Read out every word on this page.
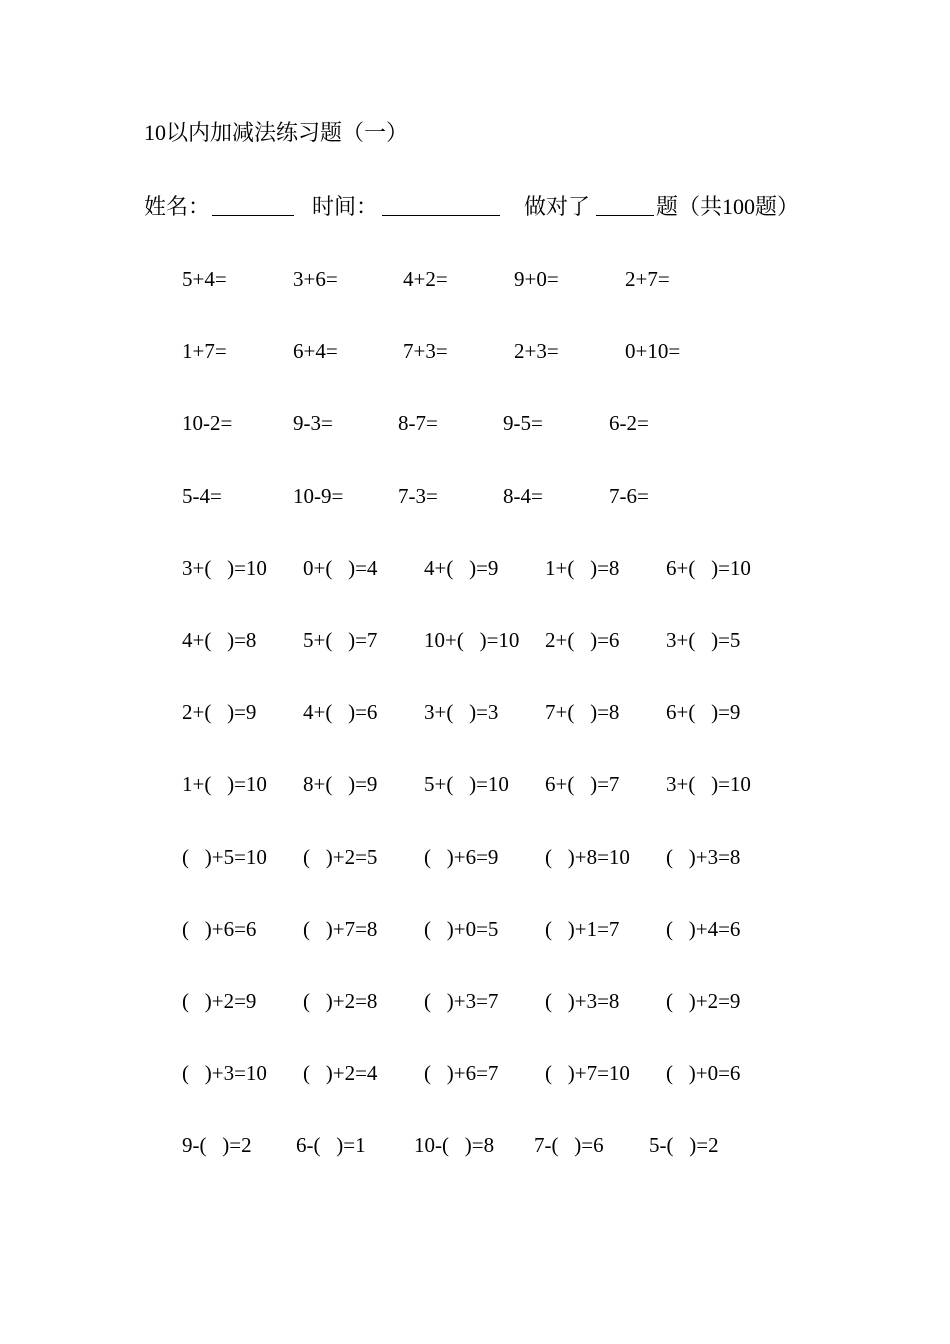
10以内加减法练习题（一）
姓名：	时间：	做对了	题（共100题）
5+4=	3+6=	4+2=	9+0=	2+7=
1+7=	6+4=	7+3=	2+3=	0+10=
10-2=	9-3=	8-7=	9-5=	6-2=
5-4=	10-9=	7-3=	8-4=	7-6=
3+(   )=10 0+(   )=4 4+(   )=9 1+(   )=8 6+(   )=10
4+(   )=8 5+(   )=7 10+(   )=10 2+(   )=6 3+(   )=5
2+(   )=9 4+(   )=6 3+(   )=3 7+(   )=8 6+(   )=9
1+(   )=10 8+(   )=9 5+(   )=10 6+(   )=7 3+(   )=10
(   )+5=10 (   )+2=5 (   )+6=9 (   )+8=10 (   )+3=8
(   )+6=6 (   )+7=8 (   )+0=5 (   )+1=7 (   )+4=6
(   )+2=9 (   )+2=8 (   )+3=7 (   )+3=8 (   )+2=9
(   )+3=10 (   )+2=4 (   )+6=7 (   )+7=10 (   )+0=6
9-(   )=2 6-(   )=1 10-(   )=8 7-(   )=6 5-(   )=2
